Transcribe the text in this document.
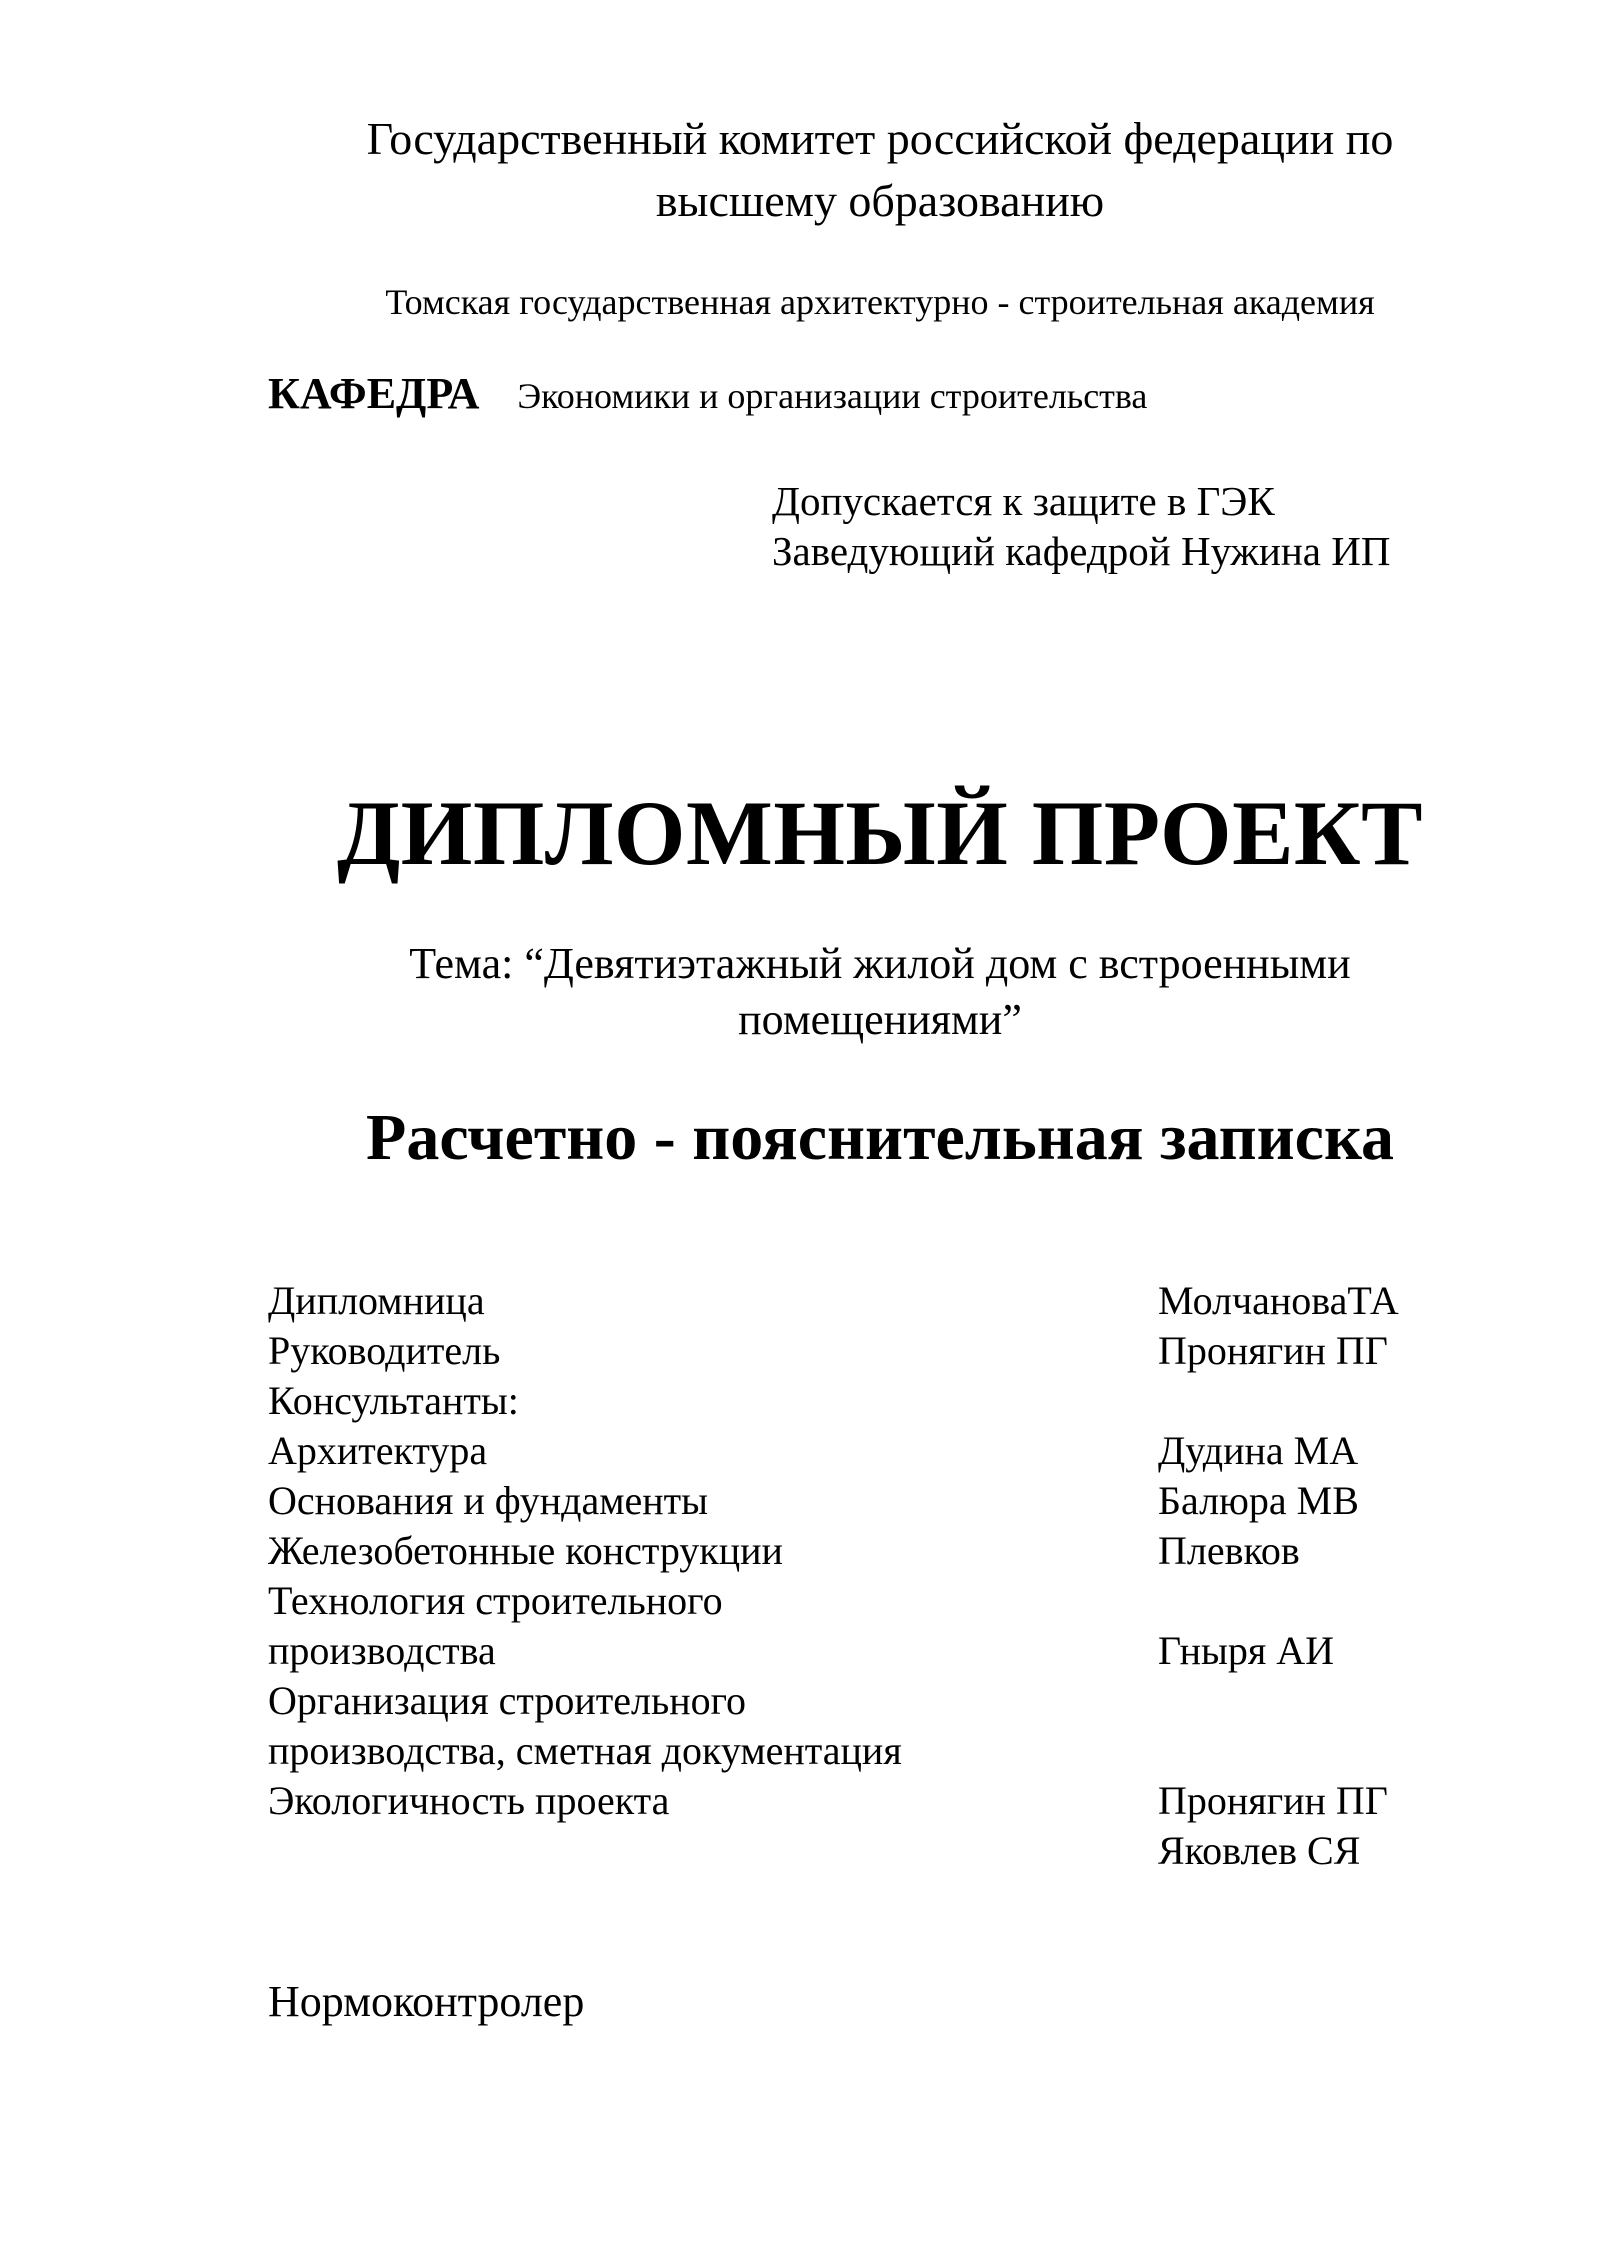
Государственный комитет российской федерации по
высшему образованию
Томская государственная архитектурно - строительная академия
КАФЕДРА Экономики и организации строительства
Допускается к защите в ГЭК
Заведующий кафедрой Нужина ИП
ДИПЛОМНЫЙ ПРОЕКТ
Тема: “Девятиэтажный жилой дом с встроенными
помещениями”
Расчетно - пояснительная записка
Дипломница	МолчановаТА
Руководитель	Пронягин ПГ
Консультанты:
Архитектура	Дудина МА
Основания и фундаменты	Балюра МВ
Железобетонные конструкции	Плевков
Технология строительного
производства	Гныря АИ
Организация строительного
производства, сметная документация
Экологичность проекта	Пронягин ПГ
Яковлев СЯ
Нормоконтролер
